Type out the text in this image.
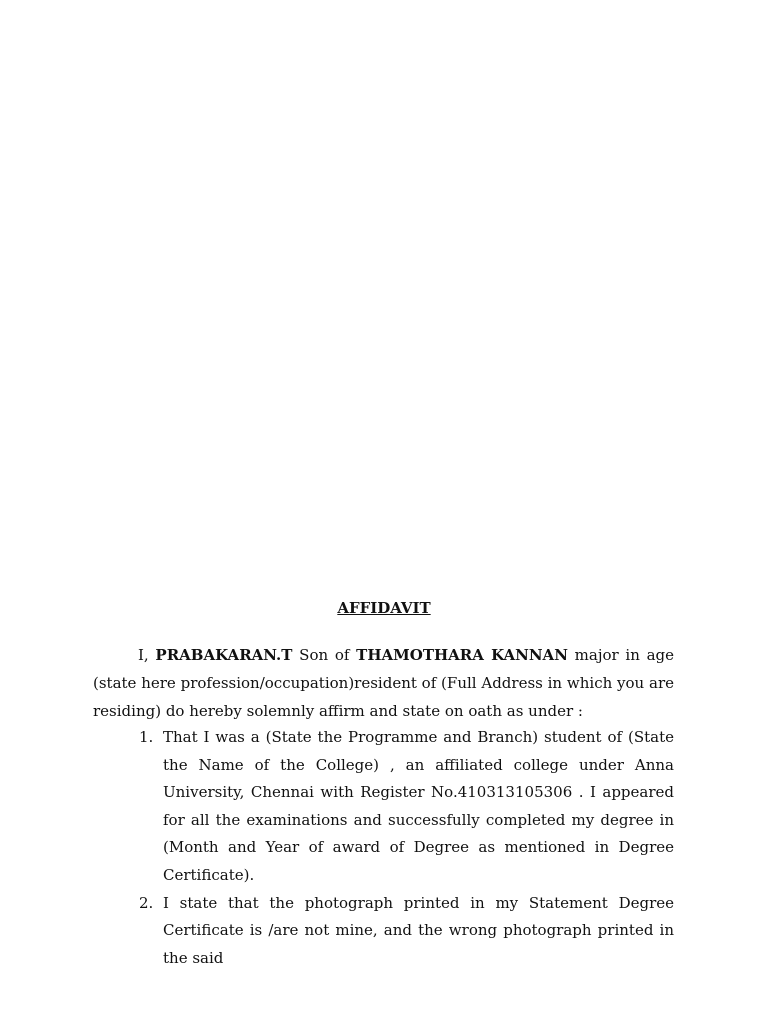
AFFIDAVIT
I, PRABAKARAN.T Son of THAMOTHARA KANNAN major in age (state here profession/occupation)resident of (Full Address in which you are residing) do hereby solemnly affirm and state on oath as under :
1. That I was a (State the Programme and Branch) student of (State the Name of the College) , an affiliated college under Anna University, Chennai with Register No.410313105306 . I appeared for all the examinations and successfully completed my degree in (Month and Year of award of Degree as mentioned in Degree Certificate).
2. I state that the photograph printed in my Statement Degree Certificate is /are not mine, and the wrong photograph printed in the said
